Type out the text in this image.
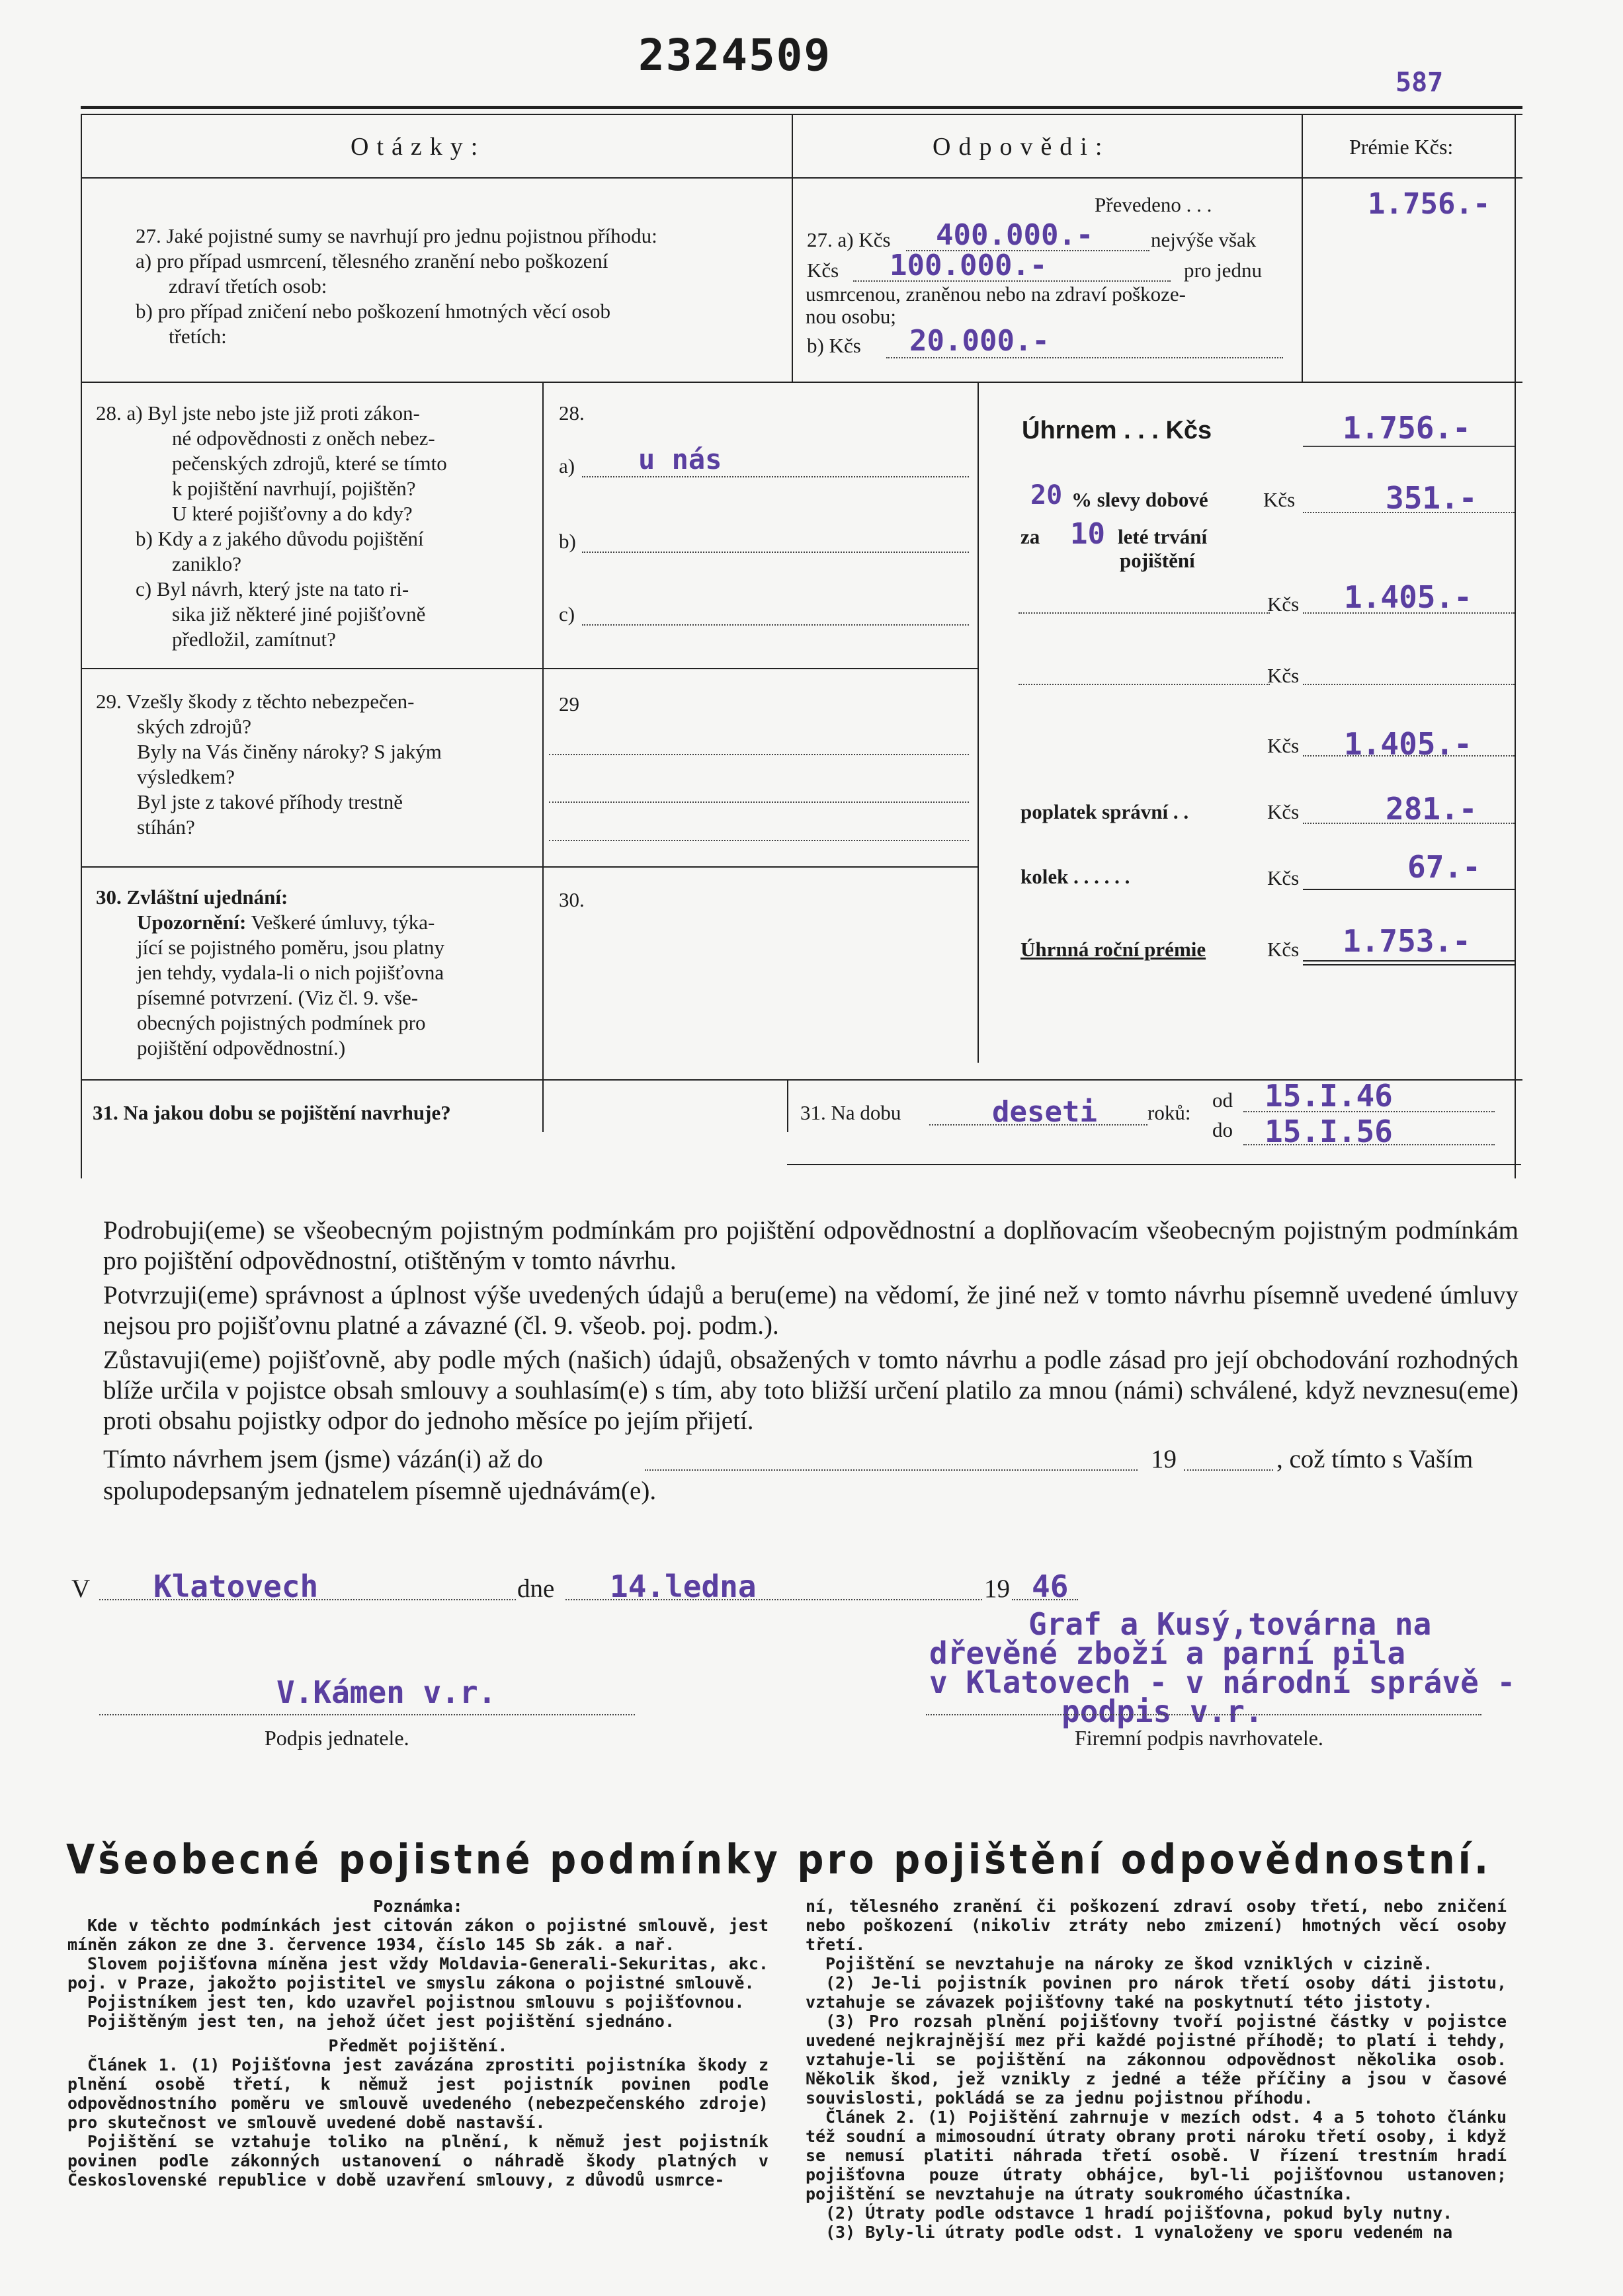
2324509
587
Otázky:	Odpovědi:	Prémie Kčs:
27. Jaké pojistné sumy se navrhují pro jednu pojistnou příhodu:
a) pro případ usmrcení, tělesného zranění nebo poškození
zdraví třetích osob:
b) pro případ zničení nebo poškození hmotných věcí osob
třetích:
Převedeno . . .	1.756.-
27. a) Kčs 400.000.-	nejvýše však
Kčs 100.000.-	pro jednu
usmrcenou, zraněnou nebo na zdraví poškoze-
nou osobu;
b) Kčs 20.000.-
28. a) Byl jste nebo jste již proti zákon-
né odpovědnosti z oněch nebez-
pečenských zdrojů, které se tímto
k pojištění navrhují, pojištěn?
U které pojišťovny a do kdy?
b) Kdy a z jakého důvodu pojištění
zaniklo?
c) Byl návrh, který jste na tato ri-
sika již některé jiné pojišťovně
předložil, zamítnut?
28.
a) u nás
b)
c)
29. Vzešly škody z těchto nebezpečen-
ských zdrojů?
Byly na Vás činěny nároky? S jakým
výsledkem?
Byl jste z takové příhody trestně
stíhán?
29
30. Zvláštní ujednání:
Upozornění: Veškeré úmluvy, týka-
jící se pojistného poměru, jsou platny
jen tehdy, vydala-li o nich pojišťovna
písemné potvrzení. (Viz čl. 9. vše-
obecných pojistných podmínek pro
pojištění odpovědnostní.)
30.
31. Na jakou dobu se pojištění navrhuje?	31. Na dobu	deseti roků:
od 15.I.46
do 15.I.56
Úhrnem . . . Kčs	1.756.-
20 % slevy dobové	Kčs	351.-
za 10 leté trvání
pojištění
Kčs 1.405.-
Kčs
Kčs 1.405.-
poplatek správní . .	Kčs	281.-
kolek . . . . . .	Kčs	67.-
Úhrnná roční prémie	Kčs 1.753.-
Podrobuji(eme) se všeobecným pojistným podmínkám pro pojištění odpovědnostní a doplňovacím všeobecným pojistným podmínkám pro pojištění odpovědnostní, otištěným v tomto návrhu.
Potvrzuji(eme) správnost a úplnost výše uvedených údajů a beru(eme) na vědomí, že jiné než v tomto návrhu písemně uvedené úmluvy nejsou pro pojišťovnu platné a závazné (čl. 9. všeob. poj. podm.).
Zůstavuji(eme) pojišťovně, aby podle mých (našich) údajů, obsažených v tomto návrhu a podle zásad pro její obchodování rozhodných blíže určila v pojistce obsah smlouvy a souhlasím(e) s tím, aby toto bližší určení platilo za mnou (námi) schválené, když nevznesu(eme) proti obsahu pojistky odpor do jednoho měsíce po jejím přijetí.
Tímto návrhem jsem (jsme) vázán(i) až do	19	, což tímto s Vaším
spolupodepsaným jednatelem písemně ujednávám(e).
V Klatovech	dne 14.ledna	19 46
V.Kámen v.r.
Podpis jednatele.
Graf a Kusý,továrna na
dřevěné zboží a parní pila
v Klatovech - v národní správě -
podpis v.r.
Firemní podpis navrhovatele.
Všeobecné pojistné podmínky pro pojištění odpovědnostní.
Poznámka:
Kde v těchto podmínkách jest citován zákon o pojistné smlouvě, jest míněn zákon ze dne 3. července 1934, číslo 145 Sb zák. a nař.
Slovem pojišťovna míněna jest vždy Moldavia-Generali-Sekuritas, akc. poj. v Praze, jakožto pojistitel ve smyslu zákona o pojistné smlouvě.
Pojistníkem jest ten, kdo uzavřel pojistnou smlouvu s pojišťovnou.
Pojištěným jest ten, na jehož účet jest pojištění sjednáno.
Předmět pojištění.
Článek 1. (1) Pojišťovna jest zavázána zprostiti pojistníka škody z plnění osobě třetí, k němuž jest pojistník povinen podle odpovědnostního poměru ve smlouvě uvedeného (nebezpečenského zdroje) pro skutečnost ve smlouvě uvedené době nastavší.
Pojištění se vztahuje toliko na plnění, k němuž jest pojistník povinen podle zákonných ustanovení o náhradě škody platných v Československé republice v době uzavření smlouvy, z důvodů usmrce-
ní, tělesného zranění či poškození zdraví osoby třetí, nebo zničení nebo poškození (nikoliv ztráty nebo zmizení) hmotných věcí osoby třetí.
Pojištění se nevztahuje na nároky ze škod vzniklých v cizině.
(2) Je-li pojistník povinen pro nárok třetí osoby dáti jistotu, vztahuje se závazek pojišťovny také na poskytnutí této jistoty.
(3) Pro rozsah plnění pojišťovny tvoří pojistné částky v pojistce uvedené nejkrajnější mez při každé pojistné příhodě; to platí i tehdy, vztahuje-li se pojištění na zákonnou odpovědnost několika osob. Několik škod, jež vznikly z jedné a téže příčiny a jsou v časové souvislosti, pokládá se za jednu pojistnou příhodu.
Článek 2. (1) Pojištění zahrnuje v mezích odst. 4 a 5 tohoto článku též soudní a mimosoudní útraty obrany proti nároku třetí osoby, i když se nemusí platiti náhrada třetí osobě. V řízení trestním hradí pojišťovna pouze útraty obhájce, byl-li pojišťovnou ustanoven; pojištění se nevztahuje na útraty soukromého účastníka.
(2) Útraty podle odstavce 1 hradí pojišťovna, pokud byly nutny.
(3) Byly-li útraty podle odst. 1 vynaloženy ve sporu vedeném na
